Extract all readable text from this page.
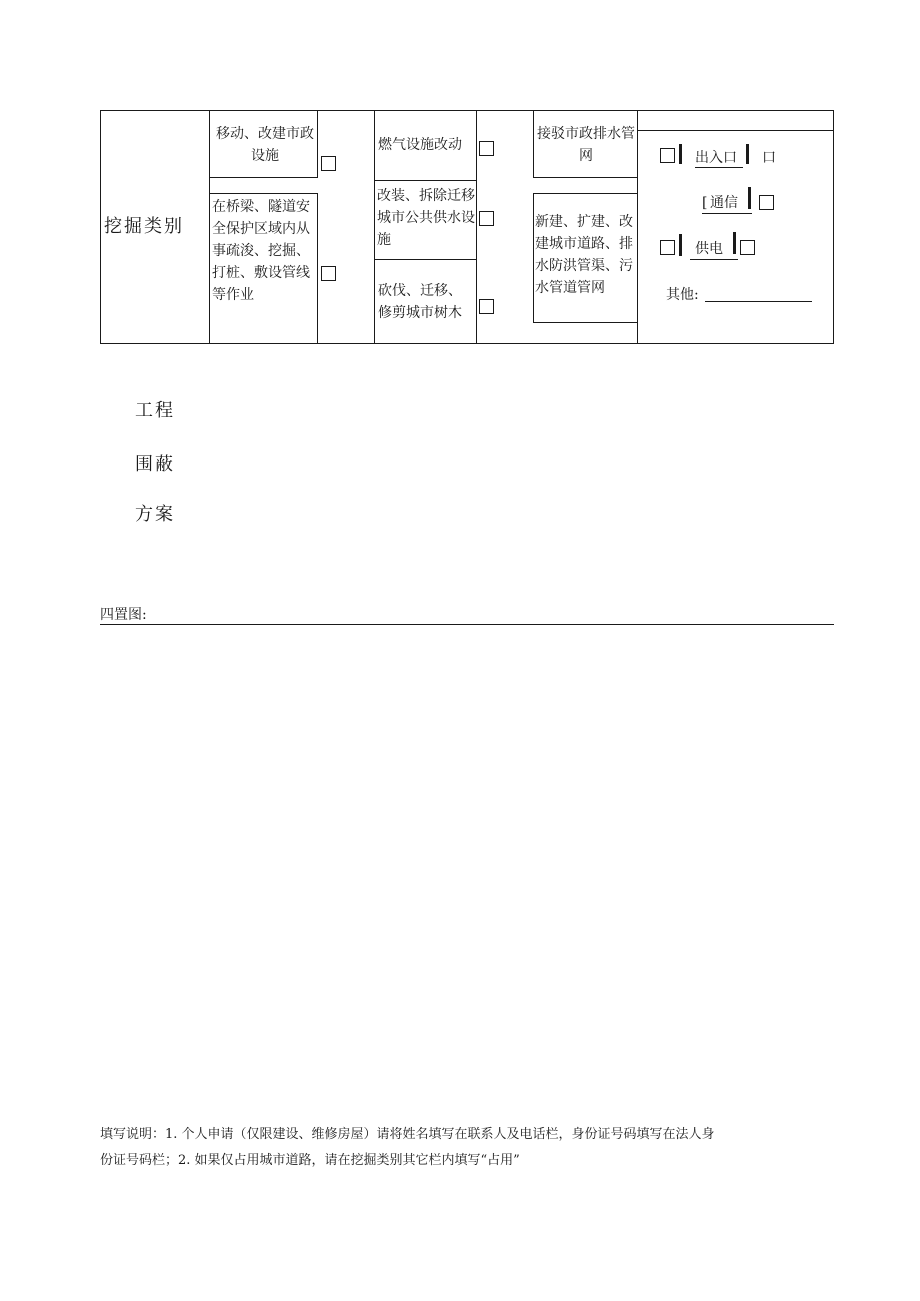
挖掘类别
移动、改建市政设施
在桥梁、隧道安全保护区域内从事疏浚、挖掘、打桩、敷设管线等作业
燃气设施改动
改装、拆除迁移城市公共供水设施
砍伐、迁移、修剪城市树木
接驳市政排水管网
新建、扩建、改建城市道路、排水防洪管渠、污水管道管网
出入口 口
[ 通信
供电
其他:
工程
围蔽
方案
四置图:
填写说明：1. 个人申请（仅限建设、维修房屋）请将姓名填写在联系人及电话栏，身份证号码填写在法人身
份证号码栏；2. 如果仅占用城市道路，请在挖掘类别其它栏内填写“占用”
